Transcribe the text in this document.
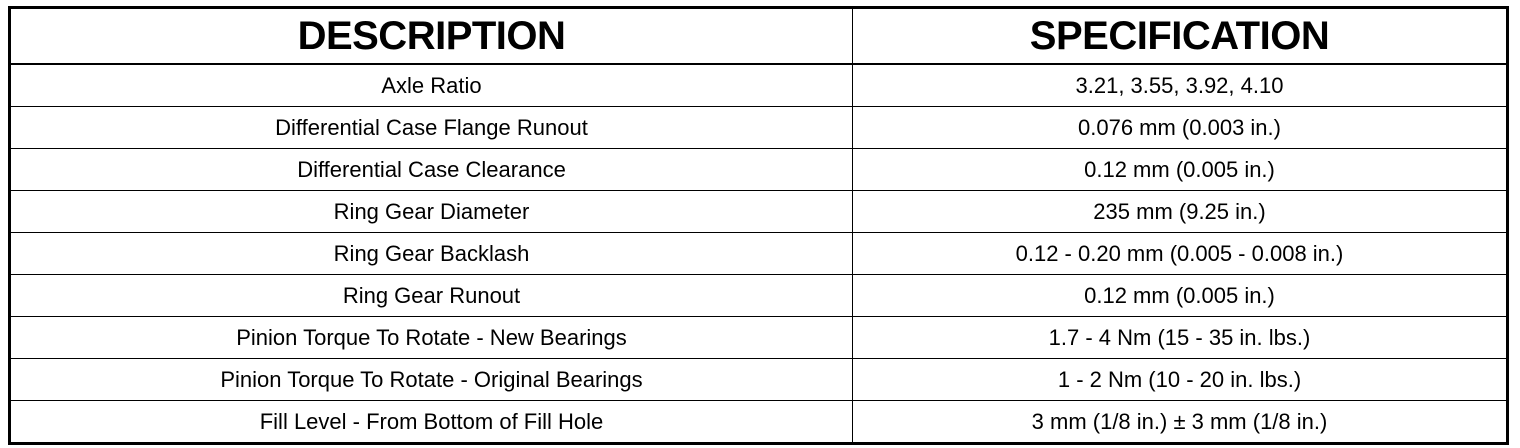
DESCRIPTION	SPECIFICATION
Axle Ratio	3.21, 3.55, 3.92, 4.10
Differential Case Flange Runout	0.076 mm (0.003 in.)
Differential Case Clearance	0.12 mm (0.005 in.)
Ring Gear Diameter	235 mm (9.25 in.)
Ring Gear Backlash	0.12 - 0.20 mm (0.005 - 0.008 in.)
Ring Gear Runout	0.12 mm (0.005 in.)
Pinion Torque To Rotate - New Bearings	1.7 - 4 Nm (15 - 35 in. lbs.)
Pinion Torque To Rotate - Original Bearings	1 - 2 Nm (10 - 20 in. lbs.)
Fill Level - From Bottom of Fill Hole	3 mm (1/8 in.) ± 3 mm (1/8 in.)
